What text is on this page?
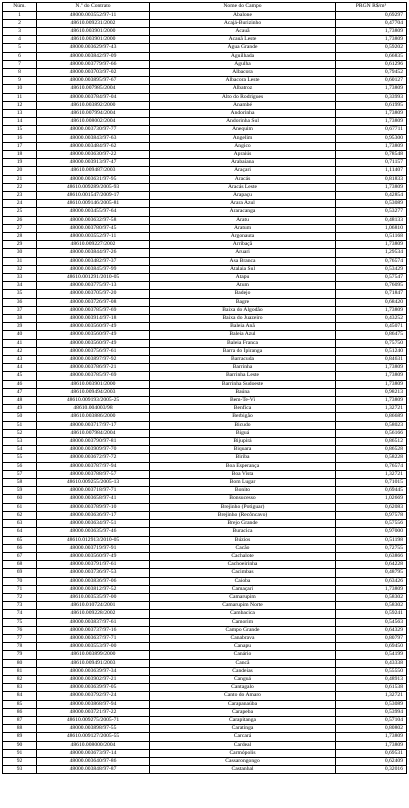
Núm.	N.º do Contrato	Nome do Campo	PRGN R$/m³
1	48000.003552/97-11	Abalone	0,69297
2	48610.009231/2002	Acajá-Burizinho	0,47704
3	48610.003901/2000	Acauã	1,73809
4	48610.003901/2000	Acauã Leste	1,73809
5	48000.003629/97-43	Água Grande	0,59202
6	48000.003842/97-09	Aguilhada	0,66835
7	48000.003779/97-66	Agulha	0,61296
8	48000.003703/97-02	Albacora	0,79452
9	48000.003895/97-67	Albacora Leste	0,60127
10	48610.007985/2004	Albatroz	1,73809
11	48000.003784/97-04	Alto do Rodrigues	0,33993
12	48610.003892/2000	Anambé	0,61995
13	48610.007994/2004	Andorinha	1,73809
14	48610.008002/2004	Andorinha Sul	1,73809
15	48000.003730/97-77	Anequim	0,67711
16	48000.003843/97-63	Angelim	0,95300
17	48000.003484/97-62	Angico	1,73809
18	48000.003630/97-22	Apraiús	0,78548
19	48000.003913/97-47	Arabaiana	0,71157
20	48610.009487/2003	Araçari	1,11407
21	48000.003631/97-95	Aracás	0,81833
22	48610.009289/2005-93	Aracás Leste	1,73809
23	48610.001547/2009-17	Arapaçu	0,42854
24	48610.009146/2005-81	Arara Azul	0,53089
25	48000.003455/97-64	Araracanga	0,53277
26	48000.003632/97-58	Aratu	0,48133
27	48000.003780/97-45	Aratum	1,06810
28	48000.003552/97-11	Argonauta	0,51168
29	48610.009227/2002	Arribaçã	1,73809
30	48000.003844/97-26	Aruari	1,29534
31	48000.003482/97-37	Asa Branca	0,76574
32	48000.003845/97-99	Atalaia Sul	0,53429
33	48610.001291/2010-05	Atapu	0,57547
34	48000.003775/97-13	Atum	0,76095
35	48000.003705/97-20	Badejo	0,71847
36	48000.003726/97-08	Bagre	0,68420
37	48000.003785/97-69	Baixa do Algodão	1,73809
38	48000.003914/97-18	Baixa do Juazeiro	0,43252
39	48000.003560/97-49	Baleia Anã	0,45071
40	48000.003560/97-49	Baleia Azul	0,86475
41	48000.003560/97-49	Baleia Franca	0,75750
42	48000.003756/97-61	Barra do Ipiranga	0,51240
43	48000.003897/97-92	Barracuda	0,84631
44	48000.003786/97-21	Barrinha	1,73809
45	48000.003785/97-69	Barrinha Leste	1,73809
46	48610.003901/2000	Barrinha Sudoeste	1,73809
47	48610.009494/2003	Baúna	0,98213
48	48610.009193/2005-25	Bem-Te-Vi	1,73809
49	48610.004003/98	Benfica	1,32721
50	48610.003886/2000	Berbigão	0,86689
51	48000.003717/97-17	Bicudo	0,58023
52	48610.007984/2004	Biguá	0,56166
53	48000.003790/97-81	Bijupirá	0,86512
54	48000.003909/97-70	Biquara	0,86528
55	48000.003672/97-72	Biriba	0,58228
56	48000.003787/97-94	Boa Esperança	0,76574
57	48000.003788/97-57	Boa Vista	1,32721
58	48610.009255/2005-13	Bom Lugar	0,71015
59	48000.003718/97-71	Bonito	0,69445
60	48000.003658/97-41	Bonsucesso	1,02669
61	48000.003789/97-10	Brejinho (Potiguar)	0,62083
62	48000.003636/97-17	Brejinho (Recôncavo)	0,97578
63	48000.003634/97-51	Brejo Grande	0,57556
64	48000.003635/97-46	Buracica	0,97000
65	48610.012913/2010-05	Búzios	0,51198
66	48000.003719/97-91	Cacão	0,72755
67	48000.003560/97-49	Cachalote	0,63866
68	48000.003791/97-61	Cachoeirinha	0,64228
69	48000.003736/97-53	Cacimbas	0,48795
70	48000.003836/97-06	Caioba	0,63426
71	48000.003812/97-52	Camaçari	1,73809
72	48610.003535/97-00	Camarupim	0,58302
73	48610.010724/2001	Camarupim Norte	0,58302
74	48610.009228/2002	Cambacica	0,59241
75	48000.003837/97-61	Camorim	0,54563
76	48000.003737/97-16	Campo Grande	0,64329
77	48000.003637/97-71	Canabrava	0,80797
78	48000.003553/97-00	Canapu	0,69450
79	48610.003899/2000	Canário	0,54199
80	48610.009491/2003	Cancã	0,43338
81	48000.003639/97-34	Candeias	0,55550
82	48000.003902/97-21	Canguá	0,48913
83	48000.003639/97-05	Cantagalo	0,61538
84	48000.003792/97-24	Canto do Amaro	1,32721
85	48000.003868/97-94	Carapanaúba	0,53089
86	48000.003721/97-22	Carapeba	0,53994
87	48610.009275/2005-71	Carapitanga	0,57104
88	48000.003898/97-55	Caratinga	0,80802
89	48610.009127/2005-55	Carcará	1,73809
90	48610.008000/2004	Cardeal	1,73809
91	48000.003673/97-14	Carmópolis	0,69531
92	48000.003640/97-86	Cassarongongo	0,62409
93	48000.003848/97-87	Castanhal	0,32016
